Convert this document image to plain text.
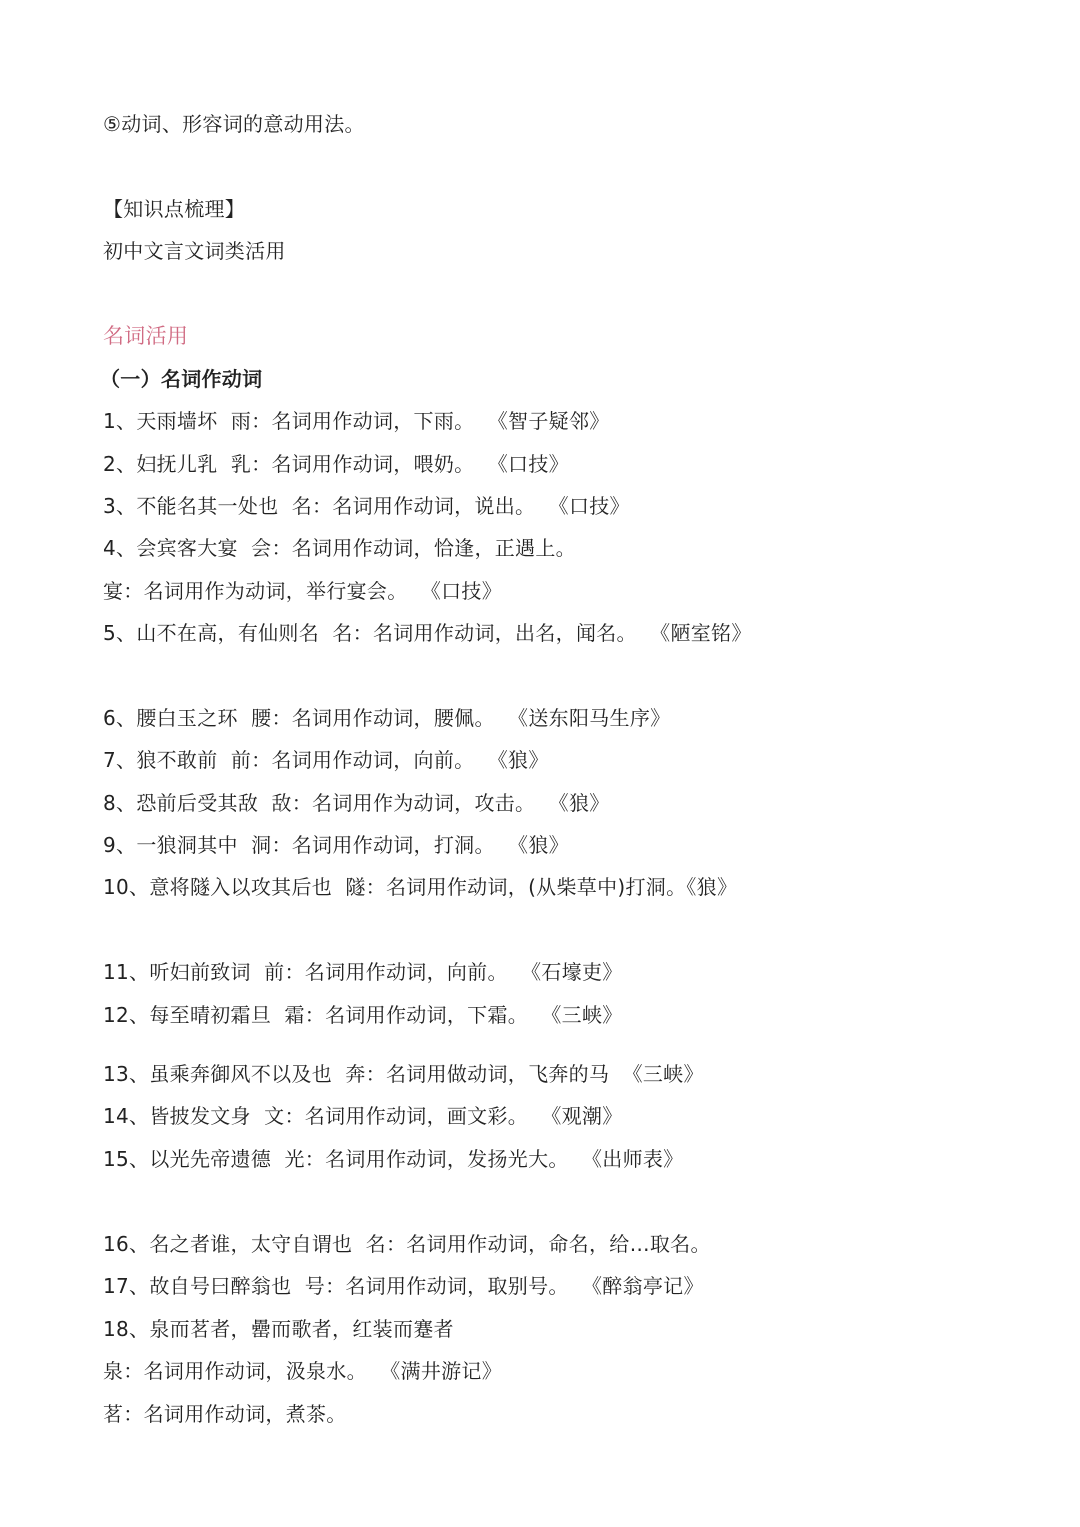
⑤动词、形容词的意动用法。
【知识点梳理】
初中文言文词类活用
名词活用
（一）名词作动词
1、天雨墙坏  雨：名词用作动词，下雨。  《智子疑邻》
2、妇抚儿乳  乳：名词用作动词，喂奶。  《口技》
3、不能名其一处也  名：名词用作动词，说出。  《口技》
4、会宾客大宴  会：名词用作动词，恰逢，正遇上。
宴：名词用作为动词，举行宴会。  《口技》
5、山不在高，有仙则名  名：名词用作动词，出名，闻名。  《陋室铭》
6、腰白玉之环  腰：名词用作动词，腰佩。  《送东阳马生序》
7、狼不敢前  前：名词用作动词，向前。  《狼》
8、恐前后受其敌  敌：名词用作为动词，攻击。  《狼》
9、一狼洞其中  洞：名词用作动词，打洞。  《狼》
10、意将隧入以攻其后也  隧：名词用作动词，(从柴草中)打洞。《狼》
11、听妇前致词  前：名词用作动词，向前。  《石壕吏》
12、每至晴初霜旦  霜：名词用作动词，下霜。  《三峡》
13、虽乘奔御风不以及也  奔：名词用做动词，飞奔的马  《三峡》
14、皆披发文身  文：名词用作动词，画文彩。  《观潮》
15、以光先帝遗德  光：名词用作动词，发扬光大。  《出师表》
16、名之者谁，太守自谓也  名：名词用作动词，命名，给…取名。
17、故自号曰醉翁也  号：名词用作动词，取别号。  《醉翁亭记》
18、泉而茗者，罍而歌者，红装而蹇者
泉：名词用作动词，汲泉水。  《满井游记》
茗：名词用作动词，煮茶。
